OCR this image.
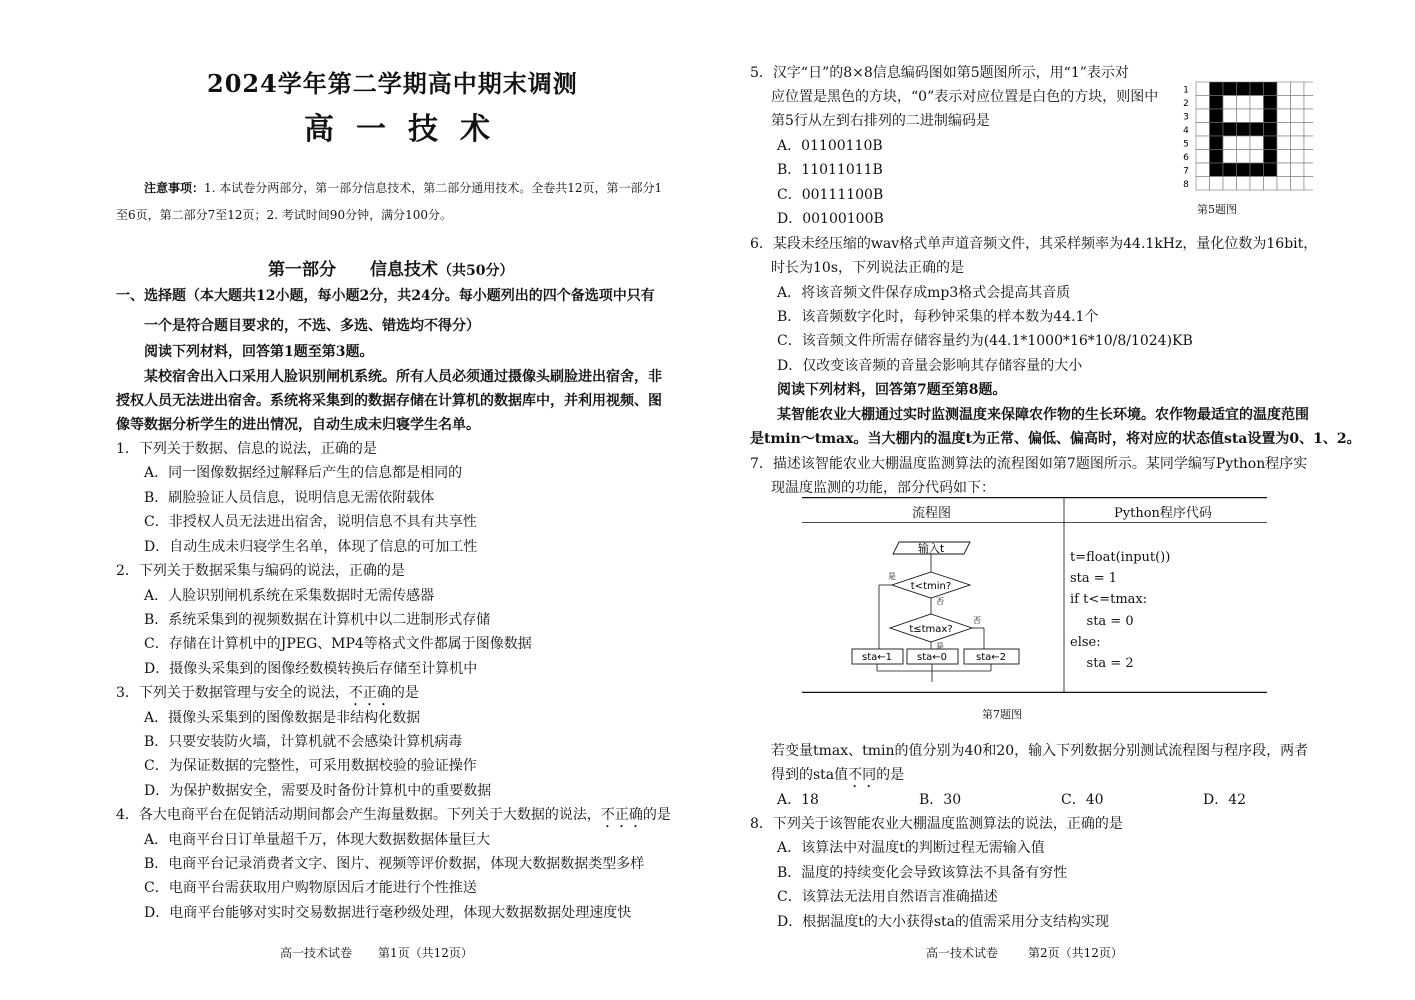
2024学年第二学期高中期末调测
高一技术
注意事项：1. 本试卷分两部分，第一部分信息技术，第二部分通用技术。全卷共12页，第一部分1
至6页，第二部分7至12页；2. 考试时间90分钟，满分100分。
第一部分　　信息技术（共50分）
一、选择题（本大题共12小题，每小题2分，共24分。每小题列出的四个备选项中只有
一个是符合题目要求的，不选、多选、错选均不得分）
阅读下列材料，回答第1题至第3题。
某校宿舍出入口采用人脸识别闸机系统。所有人员必须通过摄像头刷脸进出宿舍，非
授权人员无法进出宿舍。系统将采集到的数据存储在计算机的数据库中，并利用视频、图
像等数据分析学生的进出情况，自动生成未归寝学生名单。
1．下列关于数据、信息的说法，正确的是
A．同一图像数据经过解释后产生的信息都是相同的
B．刷脸验证人员信息，说明信息无需依附载体
C．非授权人员无法进出宿舍，说明信息不具有共享性
D．自动生成未归寝学生名单，体现了信息的可加工性
2．下列关于数据采集与编码的说法，正确的是
A．人脸识别闸机系统在采集数据时无需传感器
B．系统采集到的视频数据在计算机中以二进制形式存储
C．存储在计算机中的JPEG、MP4等格式文件都属于图像数据
D．摄像头采集到的图像经数模转换后存储至计算机中
3．下列关于数据管理与安全的说法，不正确的是
A．摄像头采集到的图像数据是非结构化数据
B．只要安装防火墙，计算机就不会感染计算机病毒
C．为保证数据的完整性，可采用数据校验的验证操作
D．为保护数据安全，需要及时备份计算机中的重要数据
4．各大电商平台在促销活动期间都会产生海量数据。下列关于大数据的说法，不正确的是
A．电商平台日订单量超千万，体现大数据数据体量巨大
B．电商平台记录消费者文字、图片、视频等评价数据，体现大数据数据类型多样
C．电商平台需获取用户购物原因后才能进行个性推送
D．电商平台能够对实时交易数据进行毫秒级处理，体现大数据数据处理速度快
高一技术试卷 第1页（共12页）
5．汉字“日”的8×8信息编码图如第5题图所示，用“1”表示对
应位置是黑色的方块，“0”表示对应位置是白色的方块，则图中
第5行从左到右排列的二进制编码是
A．01100110B
B．11011011B
C．00111100B
D．00100100B
1
2
3
4
5
6
7
8
第5题图
6．某段未经压缩的wav格式单声道音频文件，其采样频率为44.1kHz，量化位数为16bit，
时长为10s，下列说法正确的是
A．将该音频文件保存成mp3格式会提高其音质
B．该音频数字化时，每秒钟采集的样本数为44.1个
C．该音频文件所需存储容量约为(44.1*1000*16*10/8/1024)KB
D．仅改变该音频的音量会影响其存储容量的大小
阅读下列材料，回答第7题至第8题。
某智能农业大棚通过实时监测温度来保障农作物的生长环境。农作物最适宜的温度范围
是tmin～tmax。当大棚内的温度t为正常、偏低、偏高时，将对应的状态值sta设置为0、1、2。
7．描述该智能农业大棚温度监测算法的流程图如第7题图所示。某同学编写Python程序实
现温度监测的功能，部分代码如下：
输入t
t<tmin?
是
否
t≤tmax?
否
是
sta←1	sta←0	sta←2
流程图	Python程序代码
t=float(input())
sta = 1
if t<=tmax:
sta = 0
else:
sta = 2
第7题图
若变量tmax、tmin的值分别为40和20，输入下列数据分别测试流程图与程序段，两者
得到的sta值不同的是
A．18	B．30	C．40	D．42
8．下列关于该智能农业大棚温度监测算法的说法，正确的是
A．该算法中对温度t的判断过程无需输入值
B．温度的持续变化会导致该算法不具备有穷性
C．该算法无法用自然语言准确描述
D．根据温度t的大小获得sta的值需采用分支结构实现
高一技术试卷	第2页（共12页）
